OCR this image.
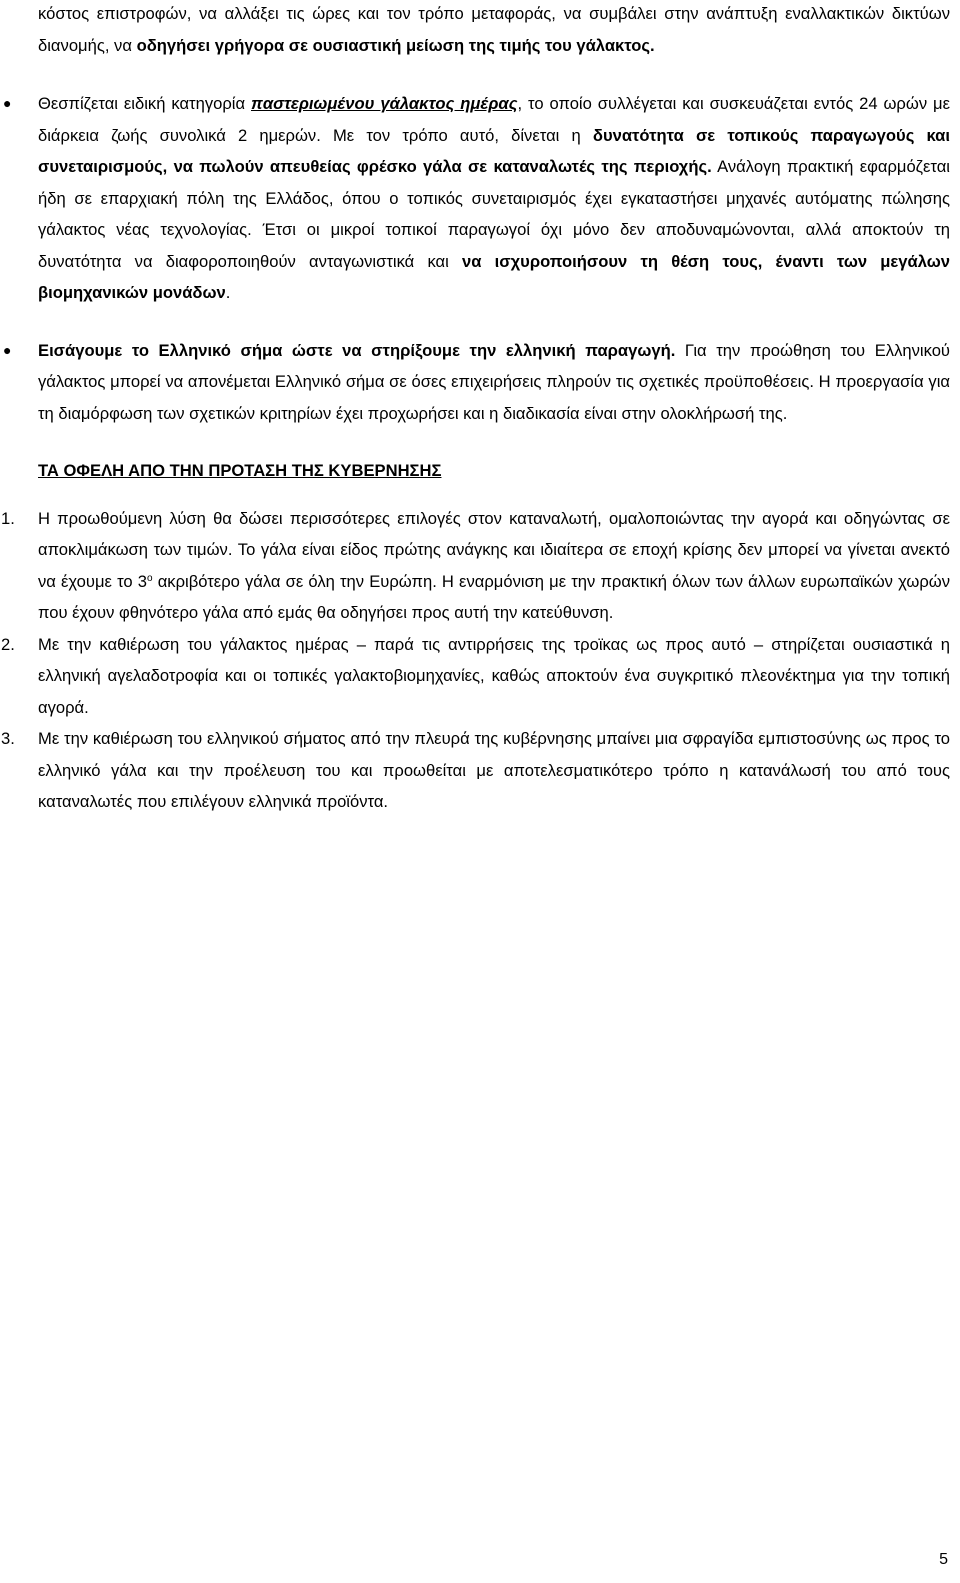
κόστος επιστροφών, να αλλάξει τις ώρες και τον τρόπο μεταφοράς, να συμβάλει στην ανάπτυξη εναλλακτικών δικτύων διανομής, να οδηγήσει γρήγορα σε ουσιαστική μείωση της τιμής του γάλακτος.

● Θεσπίζεται ειδική κατηγορία παστεριωμένου γάλακτος ημέρας, το οποίο συλλέγεται και συσκευάζεται εντός 24 ωρών με διάρκεια ζωής συνολικά 2 ημερών. Με τον τρόπο αυτό, δίνεται η δυνατότητα σε τοπικούς παραγωγούς και συνεταιρισμούς, να πωλούν απευθείας φρέσκο γάλα σε καταναλωτές της περιοχής. Ανάλογη πρακτική εφαρμόζεται ήδη σε επαρχιακή πόλη της Ελλάδος, όπου ο τοπικός συνεταιρισμός έχει εγκαταστήσει μηχανές αυτόματης πώλησης γάλακτος νέας τεχνολογίας. Έτσι οι μικροί τοπικοί παραγωγοί όχι μόνο δεν αποδυναμώνονται, αλλά αποκτούν τη δυνατότητα να διαφοροποιηθούν ανταγωνιστικά και να ισχυροποιήσουν τη θέση τους, έναντι των μεγάλων βιομηχανικών μονάδων.

● Εισάγουμε το Ελληνικό σήμα ώστε να στηρίξουμε την ελληνική παραγωγή. Για την προώθηση του Ελληνικού γάλακτος μπορεί να απονέμεται Ελληνικό σήμα σε όσες επιχειρήσεις πληρούν τις σχετικές προϋποθέσεις. Η προεργασία για τη διαμόρφωση των σχετικών κριτηρίων έχει προχωρήσει και η διαδικασία είναι στην ολοκλήρωσή της.

ΤΑ ΟΦΕΛΗ ΑΠΟ ΤΗΝ ΠΡΟΤΑΣΗ ΤΗΣ ΚΥΒΕΡΝΗΣΗΣ

1. Η προωθούμενη λύση θα δώσει περισσότερες επιλογές στον καταναλωτή, ομαλοποιώντας την αγορά και οδηγώντας σε αποκλιμάκωση των τιμών. Το γάλα είναι είδος πρώτης ανάγκης και ιδιαίτερα σε εποχή κρίσης δεν μπορεί να γίνεται ανεκτό να έχουμε το $3^o$ ακριβότερο γάλα σε όλη την Ευρώπη. Η εναρμόνιση με την πρακτική όλων των άλλων ευρωπαϊκών χωρών που έχουν φθηνότερο γάλα από εμάς θα οδηγήσει προς αυτή την κατεύθυνση.

2. Με την καθιέρωση του γάλακτος ημέρας – παρά τις αντιρρήσεις της τροϊκας ως προς αυτό – στηρίζεται ουσιαστικά η ελληνική αγελαδοτροφία και οι τοπικές γαλακτοβιομηχανίες, καθώς αποκτούν ένα συγκριτικό πλεονέκτημα για την τοπική αγορά.

3. Με την καθιέρωση του ελληνικού σήματος από την πλευρά της κυβέρνησης μπαίνει μια σφραγίδα εμπιστοσύνης ως προς το ελληνικό γάλα και την προέλευση του και προωθείται με αποτελεσματικότερο τρόπο η κατανάλωσή του από τους καταναλωτές που επιλέγουν ελληνικά προϊόντα.

5
